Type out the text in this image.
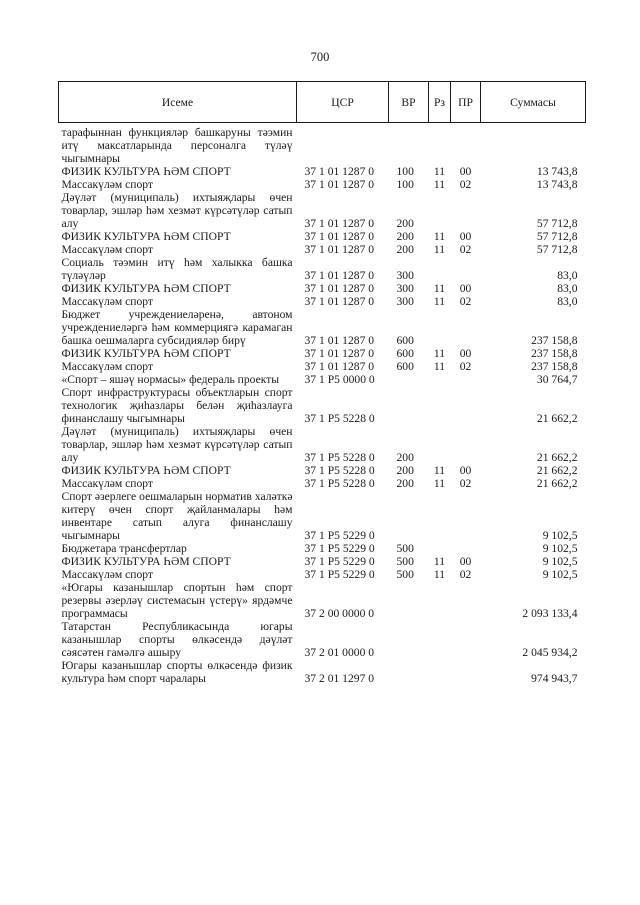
700
Исеме	ЦСР	ВР	Рз	ПР	Суммасы
тарафыннан функцияләр башкаруны тәэмин итү максатларында персоналга түләү чыгымнары					
ФИЗИК КУЛЬТУРА ҺӘМ СПОРТ	37 1 01 1287 0	100	11	00	13 743,8
Массакүләм спорт	37 1 01 1287 0	100	11	02	13 743,8
Дәүләт (муниципаль) ихтыяҗлары өчен товарлар, эшләр һәм хезмәт күрсәтүләр сатып алу	37 1 01 1287 0	200			57 712,8
ФИЗИК КУЛЬТУРА ҺӘМ СПОРТ	37 1 01 1287 0	200	11	00	57 712,8
Массакүләм спорт	37 1 01 1287 0	200	11	02	57 712,8
Социаль тәэмин итү һәм халыкка башка түләүләр	37 1 01 1287 0	300			83,0
ФИЗИК КУЛЬТУРА ҺӘМ СПОРТ	37 1 01 1287 0	300	11	00	83,0
Массакүләм спорт	37 1 01 1287 0	300	11	02	83,0
Бюджет учреждениеләренә, автоном учреждениеләргә һәм коммерциягә карамаган башка оешмаларга субсидияләр бирү	37 1 01 1287 0	600			237 158,8
ФИЗИК КУЛЬТУРА ҺӘМ СПОРТ	37 1 01 1287 0	600	11	00	237 158,8
Массакүләм спорт	37 1 01 1287 0	600	11	02	237 158,8
«Спорт – яшәү нормасы» федераль проекты	37 1 P5 0000 0				30 764,7
Спорт инфраструктурасы объектларын спорт технологик җиһазлары белән җиһазлауга финанслашу чыгымнары	37 1 P5 5228 0				21 662,2
Дәүләт (муниципаль) ихтыяҗлары өчен товарлар, эшләр һәм хезмәт күрсәтүләр сатып алу	37 1 P5 5228 0	200			21 662,2
ФИЗИК КУЛЬТУРА ҺӘМ СПОРТ	37 1 P5 5228 0	200	11	00	21 662,2
Массакүләм спорт	37 1 P5 5228 0	200	11	02	21 662,2
Спорт әзерлеге оешмаларын норматив халәткә китерү өчен спорт җайланмалары һәм инвентаре сатып алуга финанслашу чыгымнары	37 1 P5 5229 0				9 102,5
Бюджетара трансфертлар	37 1 P5 5229 0	500			9 102,5
ФИЗИК КУЛЬТУРА ҺӘМ СПОРТ	37 1 P5 5229 0	500	11	00	9 102,5
Массакүләм спорт	37 1 P5 5229 0	500	11	02	9 102,5
«Югары казанышлар спортын һәм спорт резервы әзерләү системасын үстерү» ярдәмче программасы	37 2 00 0000 0				2 093 133,4
Татарстан Республикасында югары казанышлар спорты өлкәсендә дәүләт сәясәтен гамәлгә ашыру	37 2 01 0000 0				2 045 934,2
Югары казанышлар спорты өлкәсендә физик культура һәм спорт чаралары	37 2 01 1297 0				974 943,7
